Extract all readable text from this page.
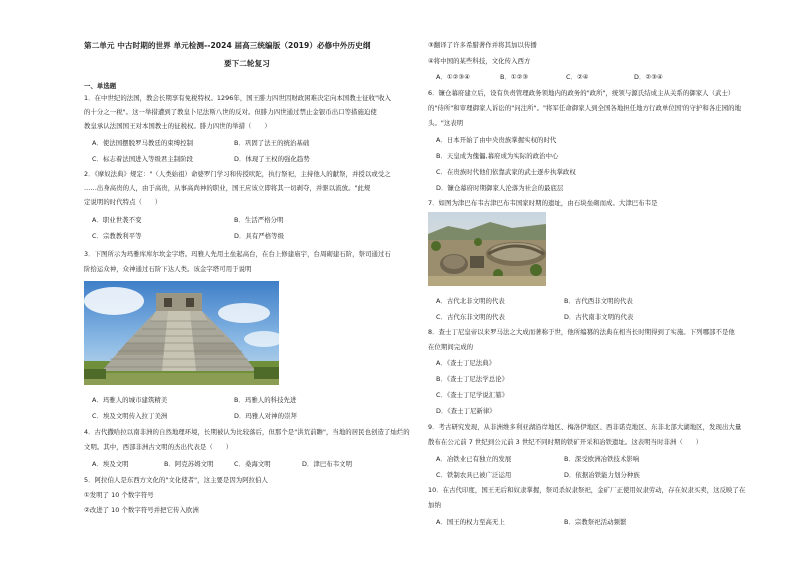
第二单元 中古时期的世界 单元检测--2024 届高三统编版（2019）必修中外历史纲
要下二轮复习
一、单选题
1．在中世纪的法国，教会长期享有免税特权。1296年，国王腓力四世因财政困难决定向本国教士征收"收入
的十分之一税"。这一举措遭到了教皇卜尼法斯八世的反对。但腓力四世通过禁止金银币出口等措施迫使
教皇承认法国国王对本国教士的征税权。腓力四世的举措（　　）
A．使法国摆脱罗马教廷的束缚控制	B．巩固了法王的统治基础
C．标志着法国进入等级君主制阶段	D．体现了王权的强化趋势
2．《摩奴法典》规定："（人类始祖）命婆罗门学习和传授吠陀，执行祭祀，主持他人的献祭，并授以或受之
……出身高贵的人，由于高贵，从事高尚神的职业，国王应该立即将其一切剥夺，并驱以流放。"此规
定说明的时代特点（　　）
A．职业世袭不变	B．生活严格分明
C．宗教教利平等	D．具有严格等级
3．下图所示为玛雅库库尔坎金字塔。玛雅人先用土垒起高台，在台上修建庙宇，台周砌建石阶，祭司通过石
阶拾运众神，众神通过石阶下达人类。该金字塔可用于说明
A．玛雅人的城市建筑精美	B．玛雅人的科技先进
C．埃及文明传入拉丁美洲	D．玛雅人对神的崇拜
4．古代撒哈拉以南非洲的自然地理环境，长期被认为比较落后，但那个是"洪荒前瞻"，当地的居民也创造了灿烂的
文明。其中，西部非洲古文明的杰出代表是（　　）
A．埃及文明	B．阿克苏姆文明	C．桑海文明	D．津巴布韦文明
5．阿拉伯人是东西方文化的"文化使者"，这主要是因为阿拉伯人
①发明了 10 个数字符号
②改进了 10 个数字符号并把它传入欧洲
③翻译了许多希腊著作并将其加以传播
④将中国的某些科技，文化传入西方
A．①②③④	B．①②③	C．②④	D．②③④
6．镰仓幕府建立后，设有负责管理政务领地内的政务的"政所"，统领与源氏结成主从关系的御家人（武士）
的"侍所"和审理御家人诉讼的"问注所"。"将军任命御家人到全国各地担任地方行政单位国'的守护和各庄园的地
头。"这表明
A．日本开始了由中央贵族掌握实权的时代
B．天皇成为傀儡,幕府成为实际的政治中心
C．在贵族时代他们依靠武家的武士逐步执掌政权
D．镰仓幕府时期御家人沦落为社会的最底层
7．如图为津巴布韦古津巴布韦国家时期的遗址，由石块垒砌而成。大津巴布韦是
A．古代北非文明的代表	B．古代西非文明的代表
C．古代东非文明的代表	D．古代南非文明的代表
8．查士丁尼皇帝以来罗马法之大成而著称于世，他所编篡的法典在相当长时期得到了实施。下列哪部不是他
在位期间完成的
A．《查士丁尼法典》
B．《查士丁尼法学总论》
C．《查士丁尼学说汇纂》
D．《查士丁尼新律》
9．考古研究发现，从非洲维多利亚湖沿岸地区、梅洛伊地区、西非诺克地区、东非北部大湖地区，发现出大量
散布在公元前 7 世纪到公元前 3 世纪不同时期的铁矿开采和冶铁遗址。这表明当时非洲（　　）
A．冶铁业已有独立的发展	B．深受欧洲冶铁技术影响
C．铁制农具已被广泛运用	D．依据冶铁能力划分种族
10．在古代印度，国王无后和奴隶掌握，祭司杀奴隶祭祀，金矿厂正使用奴隶劳动，存在奴隶买卖，这反映了在
加纳
A．国王的权力至高无上	B．宗教祭祀活动频繁
